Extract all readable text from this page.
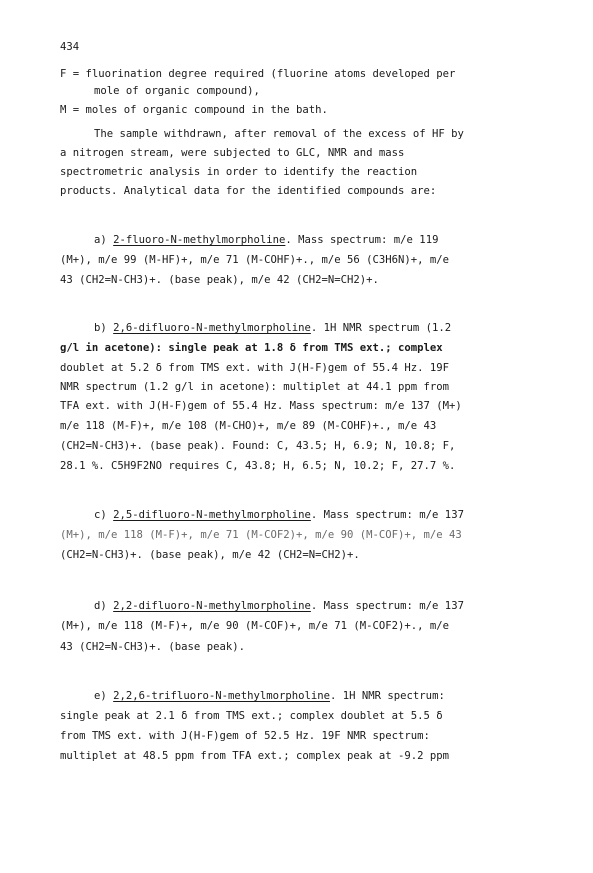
434
F = fluorination degree required (fluorine atoms developed per
mole of organic compound),
M = moles of organic compound in the bath.
The sample withdrawn, after removal of the excess of HF by
a nitrogen stream, were subjected to GLC, NMR and mass
spectrometric analysis in order to identify the reaction
products. Analytical data for the identified compounds are:
a) 2-fluoro-N-methylmorpholine. Mass spectrum: m/e 119
(M+), m/e 99 (M-HF)+, m/e 71 (M-COHF)+., m/e 56 (C3H6N)+, m/e
43 (CH2=N-CH3)+. (base peak), m/e 42 (CH2=N=CH2)+.
b) 2,6-difluoro-N-methylmorpholine. 1H NMR spectrum (1.2
g/l in acetone): single peak at 1.8 δ from TMS ext.; complex
doublet at 5.2 δ from TMS ext. with J(H-F)gem of 55.4 Hz. 19F
NMR spectrum (1.2 g/l in acetone): multiplet at 44.1 ppm from
TFA ext. with J(H-F)gem of 55.4 Hz. Mass spectrum: m/e 137 (M+)
m/e 118 (M-F)+, m/e 108 (M-CHO)+, m/e 89 (M-COHF)+., m/e 43
(CH2=N-CH3)+. (base peak). Found: C, 43.5; H, 6.9; N, 10.8; F,
28.1 %. C5H9F2NO requires C, 43.8; H, 6.5; N, 10.2; F, 27.7 %.
c) 2,5-difluoro-N-methylmorpholine. Mass spectrum: m/e 137
(M+), m/e 118 (M-F)+, m/e 71 (M-COF2)+, m/e 90 (M-COF)+, m/e 43
(CH2=N-CH3)+. (base peak), m/e 42 (CH2=N=CH2)+.
d) 2,2-difluoro-N-methylmorpholine. Mass spectrum: m/e 137
(M+), m/e 118 (M-F)+, m/e 90 (M-COF)+, m/e 71 (M-COF2)+., m/e
43 (CH2=N-CH3)+. (base peak).
e) 2,2,6-trifluoro-N-methylmorpholine. 1H NMR spectrum:
single peak at 2.1 δ from TMS ext.; complex doublet at 5.5 δ
from TMS ext. with J(H-F)gem of 52.5 Hz. 19F NMR spectrum:
multiplet at 48.5 ppm from TFA ext.; complex peak at -9.2 ppm
